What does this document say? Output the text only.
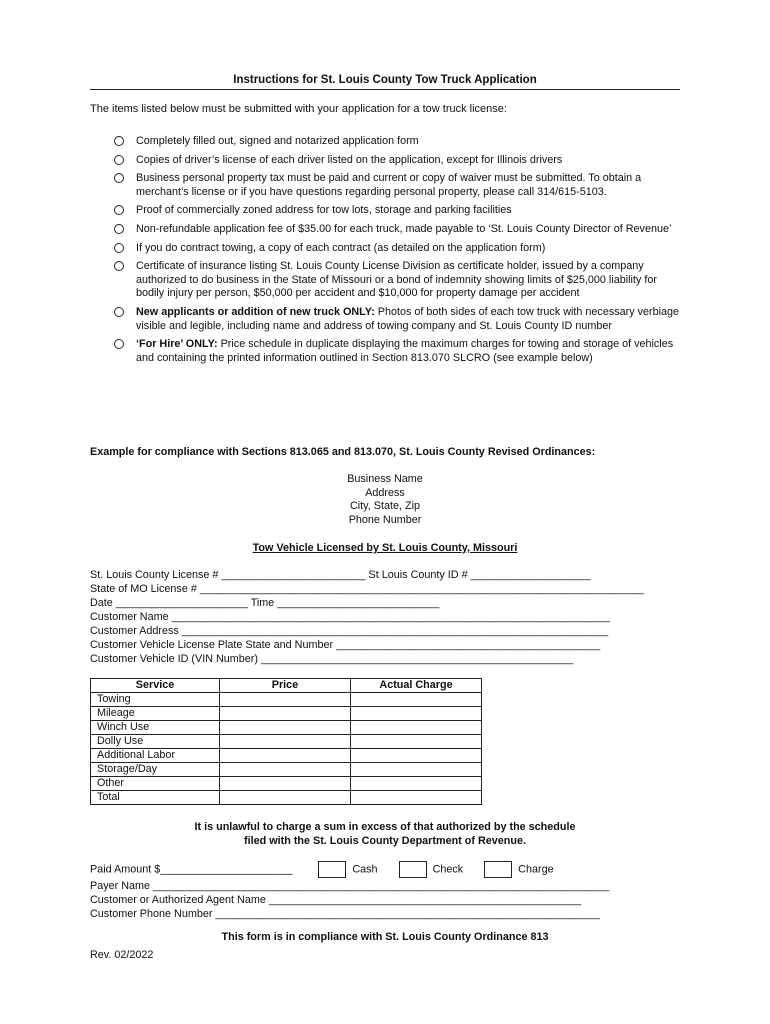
Instructions for St. Louis County Tow Truck Application
The items listed below must be submitted with your application for a tow truck license:
Completely filled out, signed and notarized application form
Copies of driver’s license of each driver listed on the application, except for Illinois drivers
Business personal property tax must be paid and current or copy of waiver must be submitted. To obtain a merchant’s license or if you have questions regarding personal property, please call 314/615-5103.
Proof of commercially zoned address for tow lots, storage and parking facilities
Non-refundable application fee of $35.00 for each truck, made payable to ‘St. Louis County Director of Revenue’
If you do contract towing, a copy of each contract (as detailed on the application form)
Certificate of insurance listing St. Louis County License Division as certificate holder, issued by a company authorized to do business in the State of Missouri or a bond of indemnity showing limits of $25,000 liability for bodily injury per person, $50,000 per accident and $10,000 for property damage per accident
New applicants or addition of new truck ONLY: Photos of both sides of each tow truck with necessary verbiage visible and legible, including name and address of towing company and St. Louis County ID number
‘For Hire’ ONLY: Price schedule in duplicate displaying the maximum charges for towing and storage of vehicles and containing the printed information outlined in Section 813.070 SLCRO (see example below)
Example for compliance with Sections 813.065 and 813.070, St. Louis County Revised Ordinances:
Business Name
Address
City, State, Zip
Phone Number
Tow Vehicle Licensed by St. Louis County, Missouri
St. Louis County License # ________________________ St Louis County ID # ____________________
State of MO License # __________________________________________________________________________
Date ______________________ Time ___________________________
Customer Name _________________________________________________________________________
Customer Address _______________________________________________________________________
Customer Vehicle License Plate State and Number ____________________________________________
Customer Vehicle ID (VIN Number) ____________________________________________________
Service	Price	Actual Charge
Towing		
Mileage		
Winch Use		
Dolly Use		
Additional Labor		
Storage/Day		
Other		
Total		
It is unlawful to charge a sum in excess of that authorized by the schedule
filed with the St. Louis County Department of Revenue.
Paid Amount $______________________	Cash	Check	Charge
Payer Name ____________________________________________________________________________
Customer or Authorized Agent Name ____________________________________________________
Customer Phone Number ________________________________________________________________
This form is in compliance with St. Louis County Ordinance 813
Rev. 02/2022
